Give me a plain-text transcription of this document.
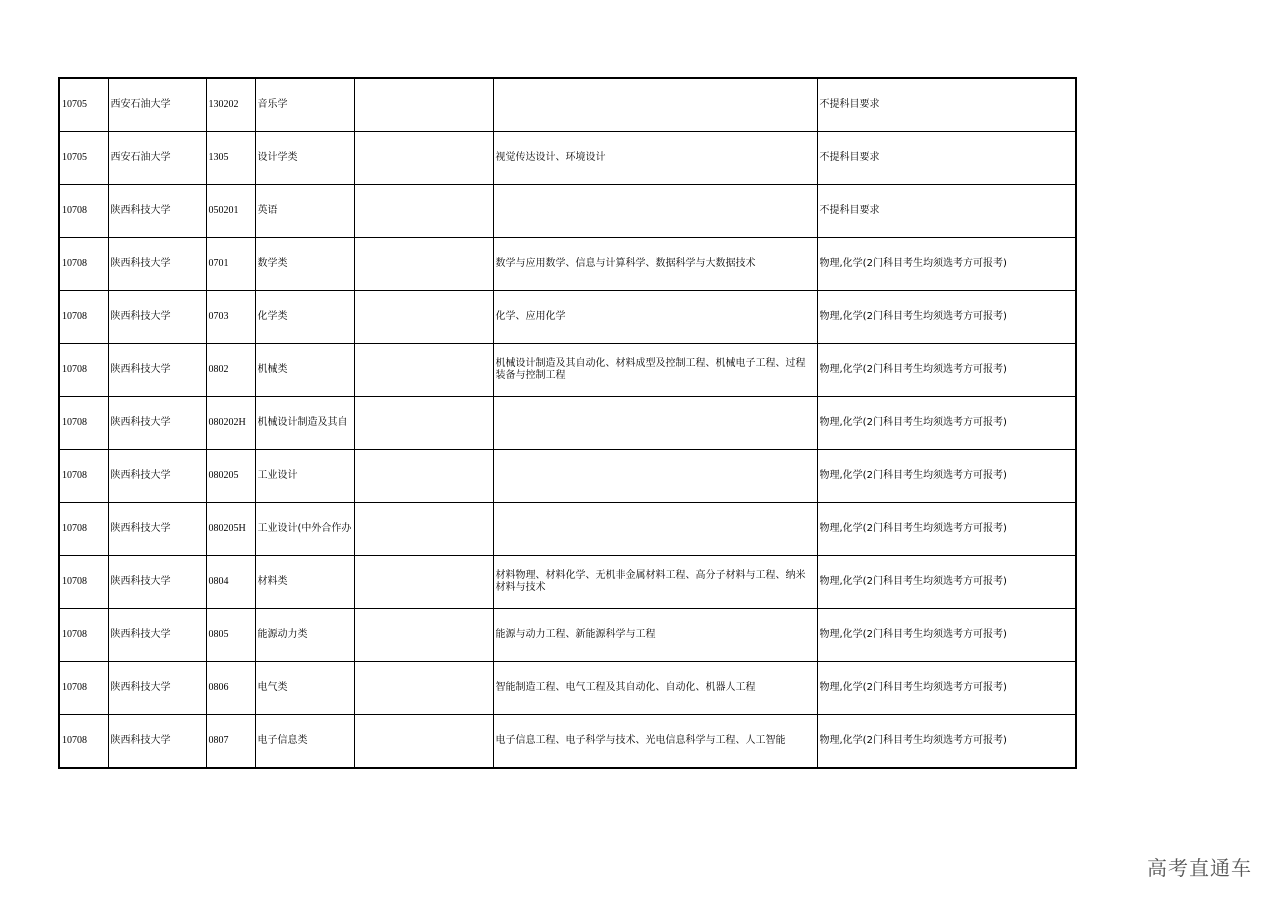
10705	西安石油大学	130202	音乐学			不提科目要求
10705	西安石油大学	1305	设计学类		视觉传达设计、环境设计	不提科目要求
10708	陕西科技大学	050201	英语			不提科目要求
10708	陕西科技大学	0701	数学类		数学与应用数学、信息与计算科学、数据科学与大数据技术	物理,化学(2门科目考生均须选考方可报考)
10708	陕西科技大学	0703	化学类		化学、应用化学	物理,化学(2门科目考生均须选考方可报考)
10708	陕西科技大学	0802	机械类		机械设计制造及其自动化、材料成型及控制工程、机械电子工程、过程装备与控制工程	物理,化学(2门科目考生均须选考方可报考)
10708	陕西科技大学	080202H	机械设计制造及其自			物理,化学(2门科目考生均须选考方可报考)
10708	陕西科技大学	080205	工业设计			物理,化学(2门科目考生均须选考方可报考)
10708	陕西科技大学	080205H	工业设计(中外合作办			物理,化学(2门科目考生均须选考方可报考)
10708	陕西科技大学	0804	材料类		材料物理、材料化学、无机非金属材料工程、高分子材料与工程、纳米材料与技术	物理,化学(2门科目考生均须选考方可报考)
10708	陕西科技大学	0805	能源动力类		能源与动力工程、新能源科学与工程	物理,化学(2门科目考生均须选考方可报考)
10708	陕西科技大学	0806	电气类		智能制造工程、电气工程及其自动化、自动化、机器人工程	物理,化学(2门科目考生均须选考方可报考)
10708	陕西科技大学	0807	电子信息类		电子信息工程、电子科学与技术、光电信息科学与工程、人工智能	物理,化学(2门科目考生均须选考方可报考)
高考直通车
